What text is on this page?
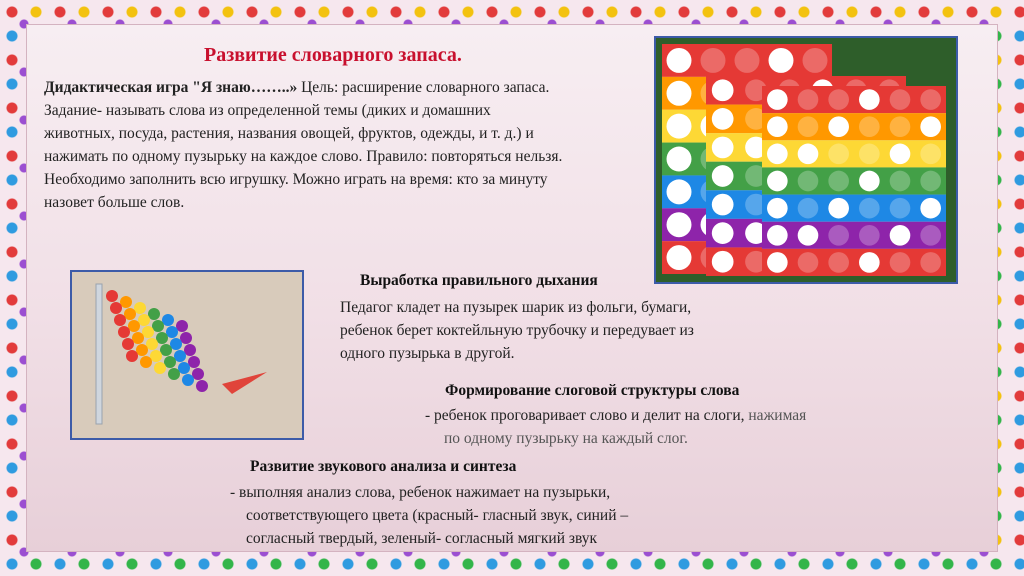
Развитие словарного запаса.
Дидактическая игра "Я знаю……..» Цель: расширение словарного запаса. Задание- называть слова из определенной темы (диких и домашних животных, посуда, растения, названия овощей, фруктов, одежды, и т. д.) и нажимать по одному пузырьку на каждое слово. Правило: повторяться нельзя. Необходимо заполнить всю игрушку. Можно играть на время: кто за минуту назовет больше слов.
Выработка правильного дыхания
Педагог кладет на пузырек шарик из фольги, бумаги,
ребенок берет коктейльную трубочку и передувает из
одного пузырька в другой.
Формирование слоговой структуры слова
- ребенок проговаривает слово и делит на слоги, нажимая
по одному пузырьку на каждый слог.
Развитие звукового анализа и синтеза
- выполняя анализ слова, ребенок нажимает на пузырьки,
соответствующего цвета (красный- гласный звук, синий –
согласный твердый, зеленый- согласный мягкий звук
